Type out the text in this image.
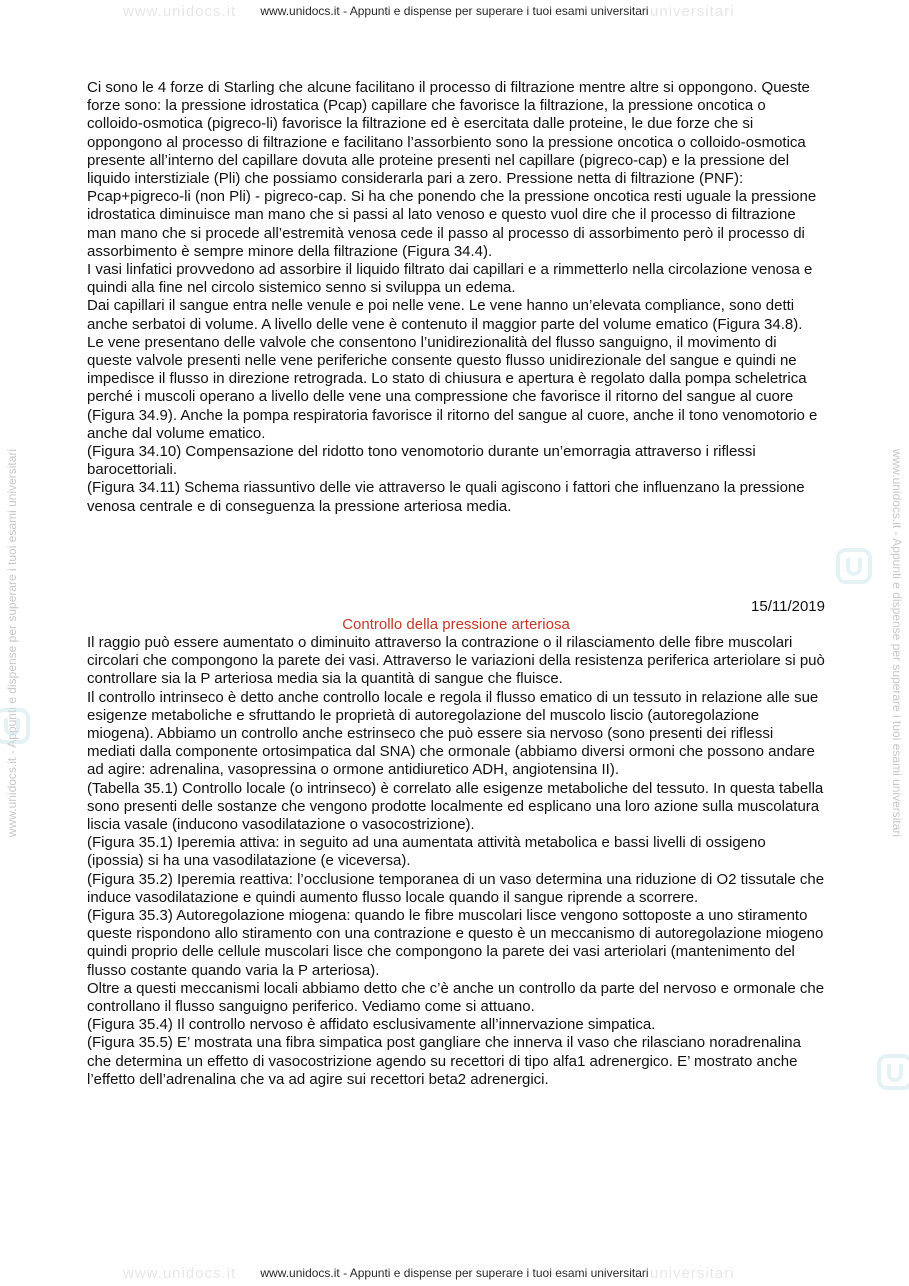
www.unidocs.it www.unidocs.it - Appunti e dispense per superare i tuoi esami universitari universitari
www.unidocs.it - Appunti e dispense per superare i tuoi esami universitari	www.unidocs.it - Appunti e dispense per superare i tuoi esami universitari

Ci sono le 4 forze di Starling che alcune facilitano il processo di filtrazione mentre altre si oppongono. Queste forze sono: la pressione idrostatica (Pcap) capillare che favorisce la filtrazione, la pressione oncotica o colloido-osmotica (pigreco-li) favorisce la filtrazione ed è esercitata dalle proteine, le due forze che si oppongono al processo di filtrazione e facilitano l’assorbiento sono la pressione oncotica o colloido-osmotica presente all’interno del capillare dovuta alle proteine presenti nel capillare (pigreco-cap) e la pressione del liquido interstiziale (Pli) che possiamo considerarla pari a zero. Pressione netta di filtrazione (PNF): Pcap+pigreco-li (non Pli) - pigreco-cap. Si ha che ponendo che la pressione oncotica resti uguale la pressione idrostatica diminuisce man mano che si passi al lato venoso e questo vuol dire che il processo di filtrazione man mano che si procede all’estremità venosa cede il passo al processo di assorbimento però il processo di assorbimento è sempre minore della filtrazione (Figura 34.4).

I vasi linfatici provvedono ad assorbire il liquido filtrato dai capillari e a rimmetterlo nella circolazione venosa e quindi alla fine nel circolo sistemico senno si sviluppa un edema.

Dai capillari il sangue entra nelle venule e poi nelle vene. Le vene hanno un’elevata compliance, sono detti anche serbatoi di volume. A livello delle vene è contenuto il maggior parte del volume ematico (Figura 34.8).

Le vene presentano delle valvole che consentono l’unidirezionalità del flusso sanguigno, il movimento di queste valvole presenti nelle vene periferiche consente questo flusso unidirezionale del sangue e quindi ne impedisce il flusso in direzione retrograda. Lo stato di chiusura e apertura è regolato dalla pompa scheletrica perché i muscoli operano a livello delle vene una compressione che favorisce il ritorno del sangue al cuore (Figura 34.9). Anche la pompa respiratoria favorisce il ritorno del sangue al cuore, anche il tono venomotorio e anche dal volume ematico.

(Figura 34.10) Compensazione del ridotto tono venomotorio durante un’emorragia attraverso i riflessi barocettoriali.

(Figura 34.11) Schema riassuntivo delle vie attraverso le quali agiscono i fattori che influenzano la pressione venosa centrale e di conseguenza la pressione arteriosa media.

15/11/2019
Controllo della pressione arteriosa

Il raggio può essere aumentato o diminuito attraverso la contrazione o il rilasciamento delle fibre muscolari circolari che compongono la parete dei vasi. Attraverso le variazioni della resistenza periferica arteriolare si può controllare sia la P arteriosa media sia la quantità di sangue che fluisce.

Il controllo intrinseco è detto anche controllo locale e regola il flusso ematico di un tessuto in relazione alle sue esigenze metaboliche e sfruttando le proprietà di autoregolazione del muscolo liscio (autoregolazione miogena). Abbiamo un controllo anche estrinseco che può essere sia nervoso (sono presenti dei riflessi mediati dalla componente ortosimpatica dal SNA) che ormonale (abbiamo diversi ormoni che possono andare ad agire: adrenalina, vasopressina o ormone antidiuretico ADH, angiotensina II).

(Tabella 35.1) Controllo locale (o intrinseco) è correlato alle esigenze metaboliche del tessuto. In questa tabella sono presenti delle sostanze che vengono prodotte localmente ed esplicano una loro azione sulla muscolatura liscia vasale (inducono vasodilatazione o vasocostrizione).

(Figura 35.1) Iperemia attiva: in seguito ad una aumentata attività metabolica e bassi livelli di ossigeno (ipossia) si ha una vasodilatazione (e viceversa).

(Figura 35.2) Iperemia reattiva: l’occlusione temporanea di un vaso determina una riduzione di O2 tissutale che induce vasodilatazione e quindi aumento flusso locale quando il sangue riprende a scorrere.

(Figura 35.3) Autoregolazione miogena: quando le fibre muscolari lisce vengono sottoposte a uno stiramento queste rispondono allo stiramento con una contrazione e questo è un meccanismo di autoregolazione miogeno quindi proprio delle cellule muscolari lisce che compongono la parete dei vasi arteriolari (mantenimento del flusso costante quando varia la P arteriosa).

Oltre a questi meccanismi locali abbiamo detto che c’è anche un controllo da parte del nervoso e ormonale che controllano il flusso sanguigno periferico. Vediamo come si attuano.

(Figura 35.4) Il controllo nervoso è affidato esclusivamente all’innervazione simpatica.

(Figura 35.5) E’ mostrata una fibra simpatica post gangliare che innerva il vaso che rilasciano noradrenalina che determina un effetto di vasocostrizione agendo su recettori di tipo alfa1 adrenergico. E’ mostrato anche l’effetto dell’adrenalina che va ad agire sui recettori beta2 adrenergici.

www.unidocs.it www.unidocs.it - Appunti e dispense per superare i tuoi esami universitari universitari
